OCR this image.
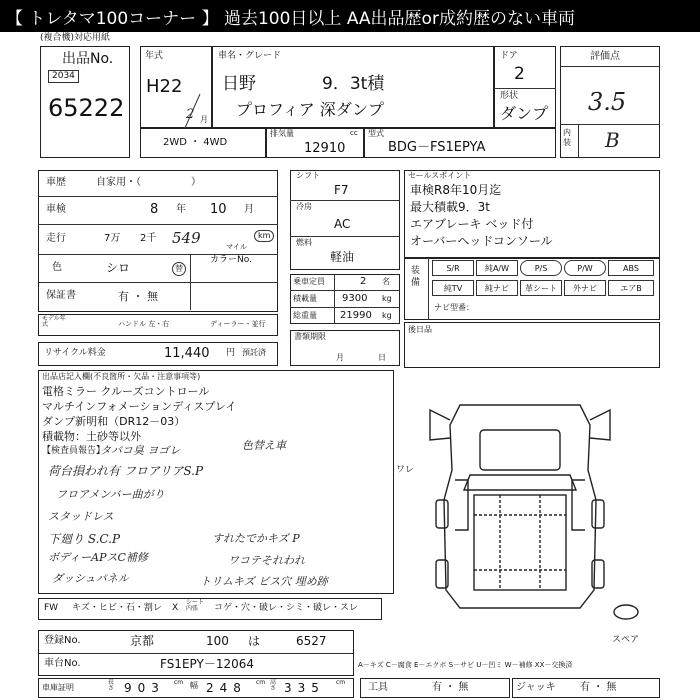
【 トレタマ100コーナー 】 過去100日以上 AA出品歴or成約歴のない車両
(複合機)対応用紙
出品No.
2034
65222
年式
H22
2 月
車名・グレード
日野	9．3t積
プロフィア 深ダンプ
ドア
2
形状
ダンプ
評価点
3.5
内装 B
2WD ・ 4WD
排気量
12910
cc 型式
BDG－FS1EPYA
車歴	自家用・（　　　　　）
車検	8 年 10 月
走行	7万 2千 549	km
マイル
色	シロ	替
カラーNo.
保証書	有 ・ 無
モデル年式	ハンドル 左・右	ディーラー・並行
リサイクル料金	11,440 円 預託済
シフト
F7
冷房
AC
燃料
軽油
乗車定員	2 名
積載量	9300 kg
総重量 21990 kg
書類期限
月	日
セールスポイント
車検R8年10月迄
最大積載9．3t
エアブレーキ ベッド付
オーバーヘッドコンソール
装備
S/R	純A/W	P/S	P/W	ABS
純TV	純ナビ	革シート	外ナビ	エアB
ナビ型番：
後日品
出品店記入欄(不良箇所・欠品・注意事項等)
電格ミラー クルーズコントロール
マルチインフォメーションディスプレイ
ダンプ新明和（DR12－03）
積載物：土砂等以外
【検査員報告】
タバコ臭 ヨゴレ	色替え車
荷台損われ有 フロアリアS.P
フロアメンバー曲がり
スタッドレス
下廻り S.C.P	すれたでかキズ P
ボディーAPスC補修	ワコテそれわれ
ダッシュパネル	トリムキズ ビス穴 埋め跡
ワレ
スペア
FW キズ・ヒビ・石・割レ X
シート内張	コゲ・穴・破レ・シミ・破レ・スレ
登録No.	京都	100 は	6527
車台No.	FS1EPY－12064	A－キズ C－腐食 E－エクボ S－サビ U－凹ミ W－補修 XX－交換済
車庫証明
長さ 903 cm 幅 248 cm 高さ 335 cm 工具	有 ・ 無	ジャッキ 有 ・ 無
